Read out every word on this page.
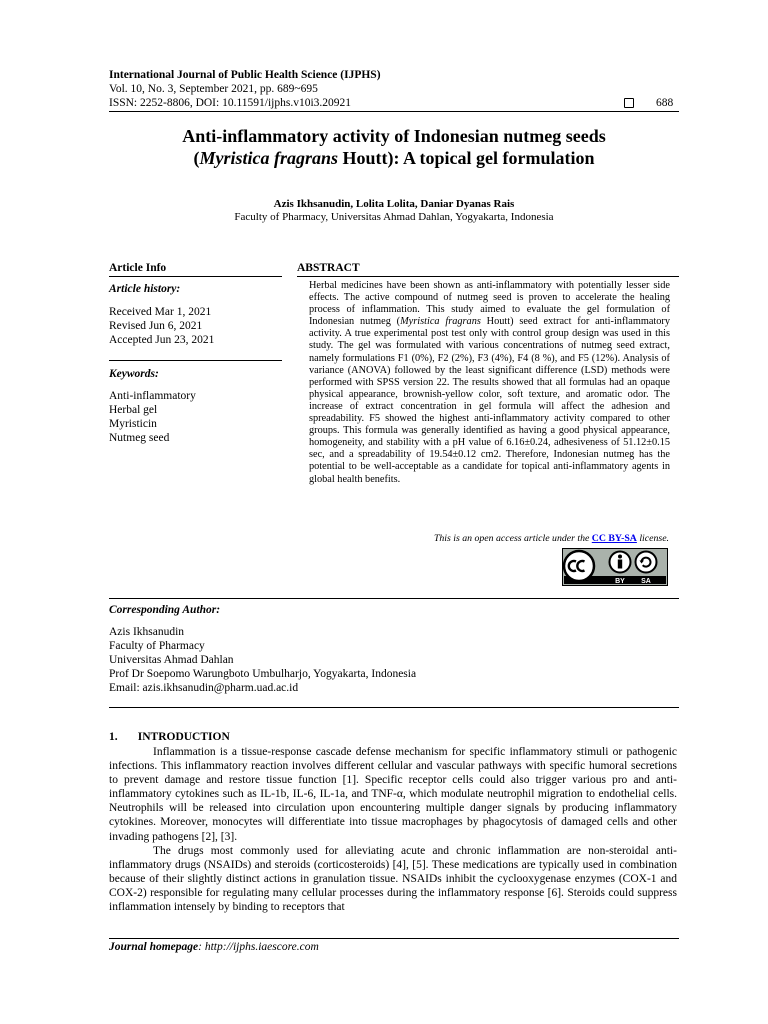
International Journal of Public Health Science (IJPHS)
Vol. 10, No. 3, September 2021, pp. 689~695
ISSN: 2252-8806, DOI: 10.11591/ijphs.v10i3.20921	688
Anti-inflammatory activity of Indonesian nutmeg seeds
(Myristica fragrans Houtt): A topical gel formulation
Azis Ikhsanudin, Lolita Lolita, Daniar Dyanas Rais
Faculty of Pharmacy, Universitas Ahmad Dahlan, Yogyakarta, Indonesia
Article Info
Article history:
Received Mar 1, 2021
Revised Jun 6, 2021
Accepted Jun 23, 2021
Keywords:
Anti-inflammatory
Herbal gel
Myristicin
Nutmeg seed
ABSTRACT
Herbal medicines have been shown as anti-inflammatory with potentially lesser side effects. The active compound of nutmeg seed is proven to accelerate the healing process of inflammation. This study aimed to evaluate the gel formulation of Indonesian nutmeg (Myristica fragrans Houtt) seed extract for anti-inflammatory activity. A true experimental post test only with control group design was used in this study. The gel was formulated with various concentrations of nutmeg seed extract, namely formulations F1 (0%), F2 (2%), F3 (4%), F4 (8 %), and F5 (12%). Analysis of variance (ANOVA) followed by the least significant difference (LSD) methods were performed with SPSS version 22. The results showed that all formulas had an opaque physical appearance, brownish-yellow color, soft texture, and aromatic odor. The increase of extract concentration in gel formula will affect the adhesion and spreadability. F5 showed the highest anti-inflammatory activity compared to other groups. This formula was generally identified as having a good physical appearance, homogeneity, and stability with a pH value of 6.16±0.24, adhesiveness of 51.12±0.15 sec, and a spreadability of 19.54±0.12 cm2. Therefore, Indonesian nutmeg has the potential to be well-acceptable as a candidate for topical anti-inflammatory agents in global health benefits.
This is an open access article under the CC BY-SA license.
BY SA
Corresponding Author:
Azis Ikhsanudin
Faculty of Pharmacy
Universitas Ahmad Dahlan
Prof Dr Soepomo Warungboto Umbulharjo, Yogyakarta, Indonesia
Email: azis.ikhsanudin@pharm.uad.ac.id
1.       INTRODUCTION

Inflammation is a tissue-response cascade defense mechanism for specific inflammatory stimuli or pathogenic infections. This inflammatory reaction involves different cellular and vascular pathways with specific humoral secretions to prevent damage and restore tissue function [1]. Specific receptor cells could also trigger various pro and anti-inflammatory cytokines such as IL-1b, IL-6, IL-1a, and TNF-α, which modulate neutrophil migration to endothelial cells. Neutrophils will be released into circulation upon encountering multiple danger signals by producing inflammatory cytokines. Moreover, monocytes will differentiate into tissue macrophages by phagocytosis of damaged cells and other invading pathogens [2], [3].

The drugs most commonly used for alleviating acute and chronic inflammation are non-steroidal anti-inflammatory drugs (NSAIDs) and steroids (corticosteroids) [4], [5]. These medications are typically used in combination because of their slightly distinct actions in granulation tissue. NSAIDs inhibit the cyclooxygenase enzymes (COX-1 and COX-2) responsible for regulating many cellular processes during the inflammatory response [6]. Steroids could suppress inflammation intensely by binding to receptors that

Journal homepage: http://ijphs.iaescore.com
